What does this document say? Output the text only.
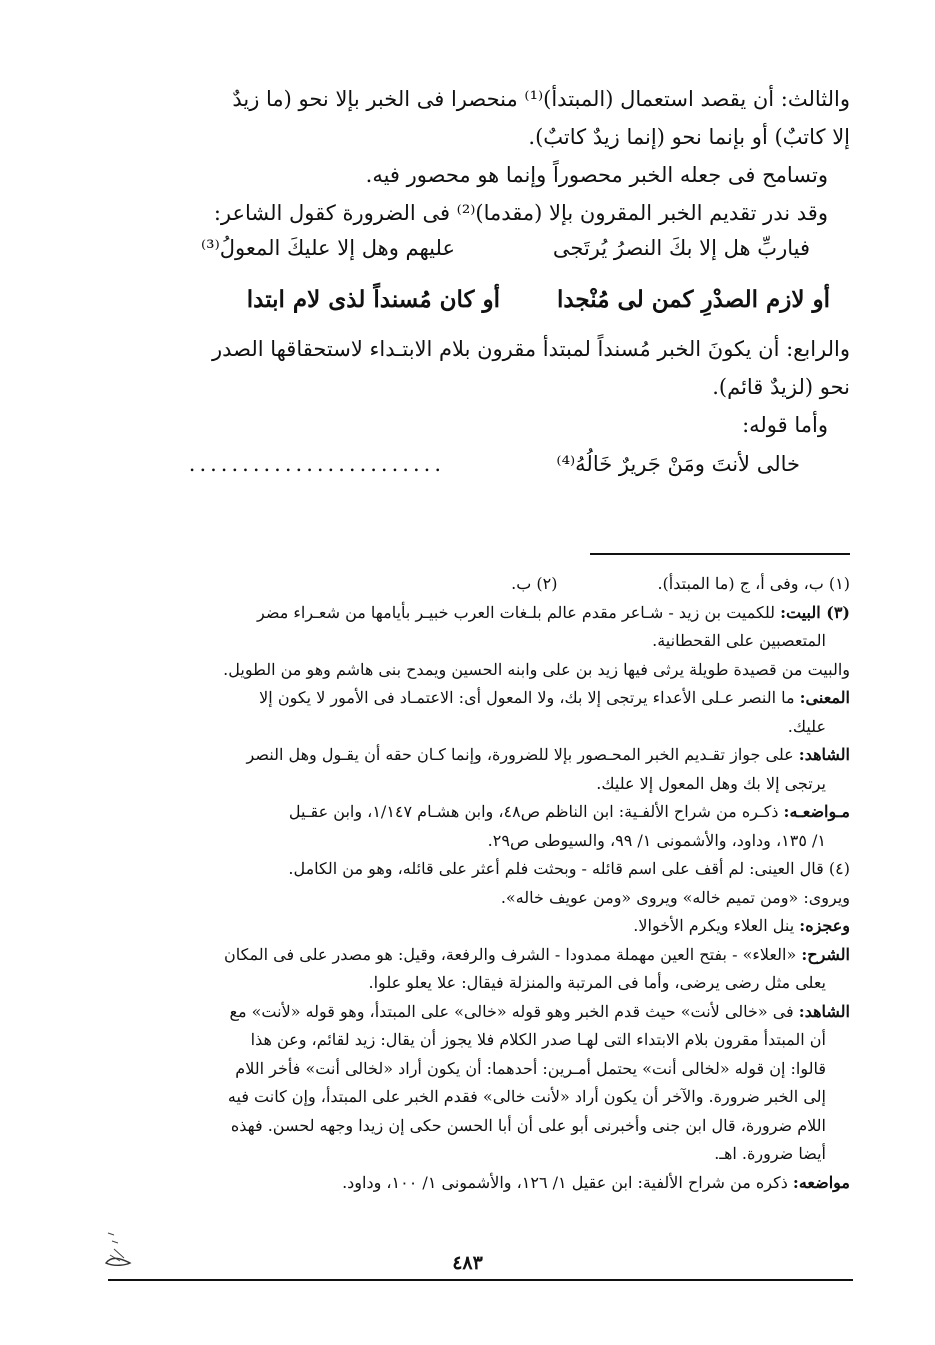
والثالث: أن يقصد استعمال (المبتدأ)⁽¹⁾ منحصرا فى الخبر بإلا نحو (ما زيدٌ
إلا كاتبٌ) أو بإنما نحو (إنما زيدٌ كاتبٌ).
وتسامح فى جعله الخبر محصوراً وإنما هو محصور فيه.
وقد ندر تقديم الخبر المقرون بإلا (مقدما)⁽²⁾ فى الضرورة كقول الشاعر:
فياربِّ هل إلا بكَ النصرُ يُرتَجى
عليهم وهل إلا عليكَ المعولُ⁽³⁾
أو كان مُسنداً لذى لام ابتدا أو لازم الصدْرِ كمن لى مُنْجدا
والرابع: أن يكونَ الخبر مُسنداً لمبتدأ مقرون بلام الابتـداء لاستحقاقها الصدر
نحو (لزيدٌ قائم).
وأما قوله:
خالى لأنتَ ومَنْ جَريرٌ خَالُهُ⁽⁴⁾
........................
(١) ب، وفى أ، ج (ما المبتدأ).(٢) ب.
(٣) البيت: للكميت بن زيد - شـاعر مقدم عالم بلـغات العرب خبيـر بأيامها من شعـراء مضر
المتعصبين على القحطانية.
والبيت من قصيدة طويلة يرثى فيها زيد بن على وابنه الحسين ويمدح بنى هاشم وهو من الطويل.
المعنى: ما النصر عـلى الأعداء يرتجى إلا بك، ولا المعول أى: الاعتمـاد فى الأمور لا يكون إلا
عليك.
الشاهد: على جواز تقـديم الخبر المحـصور بإلا للضرورة، وإنما كـان حقه أن يقـول وهل النصر
يرتجى إلا بك وهل المعول إلا عليك.
مـواضعـه: ذكـره من شراح الألفـية: ابن الناظم ص٤٨، وابن هشـام ١/١٤٧، وابن عقـيل
١/ ١٣٥، وداود، والأشمونى ١/ ٩٩، والسيوطى ص٢٩.
(٤) قال العينى: لم أقف على اسم قائله - وبحثت فلم أعثر على قائله، وهو من الكامل.
ويروى: «ومن تميم خاله» ويروى «ومن عويف خاله».
وعجزه: ينل العلاء ويكرم الأخوالا.
الشرح: «العلاء» - بفتح العين مهملة ممدودا - الشرف والرفعة، وقيل: هو مصدر على فى المكان
يعلى مثل رضى يرضى، وأما فى المرتبة والمنزلة فيقال: علا يعلو علوا.
الشاهد: فى «خالى لأنت» حيث قدم الخبر وهو قوله «خالى» على المبتدأ، وهو قوله «لأنت» مع
أن المبتدأ مقرون بلام الابتداء التى لهـا صدر الكلام فلا يجوز أن يقال: زيد لقائم، وعن هذا
قالوا: إن قوله «لخالى أنت» يحتمل أمـرين: أحدهما: أن يكون أراد «لخالى أنت» فأخر اللام
إلى الخبر ضرورة. والآخر أن يكون أراد «لأنت خالى» فقدم الخبر على المبتدأ، وإن كانت فيه
اللام ضرورة، قال ابن جنى وأخبرنى أبو على أن أبا الحسن حكى إن زيدا وجهه لحسن. فهذه
أيضا ضرورة. اهـ.
مواضعه: ذكره من شراح الألفية: ابن عقيل ١/ ١٢٦، والأشمونى ١/ ١٠٠، وداود.
٤٨٣
